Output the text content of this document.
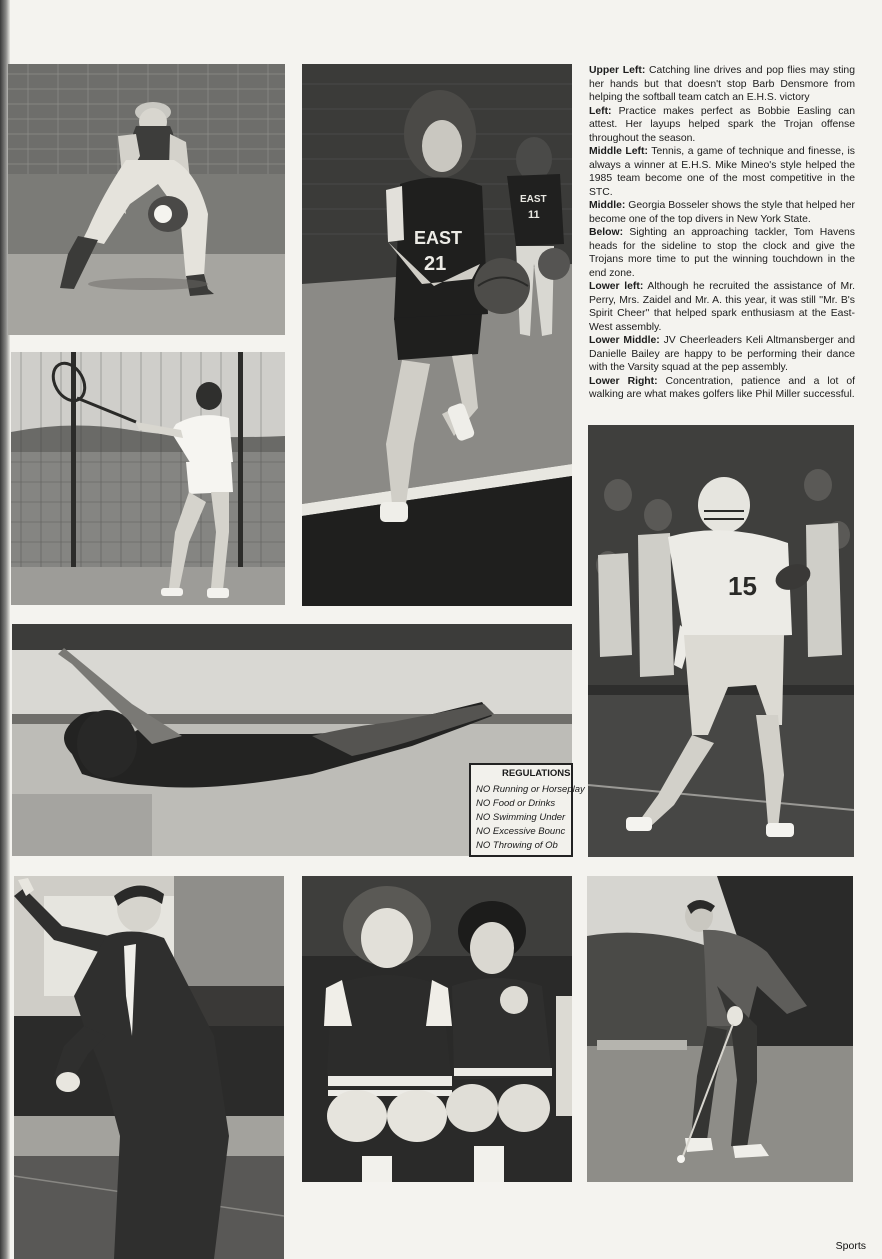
EAST
11
EAST
21
REGULATIONS
NO Running or Horseplay
NO Food or Drinks
NO Swimming Under
NO Excessive Bounc
NO Throwing of Ob
15

Upper Left: Catching line drives and pop flies may sting her hands but that doesn't stop Barb Densmore from helping the softball team catch an E.H.S. victory

Left: Practice makes perfect as Bobbie Easling can attest. Her layups helped spark the Trojan offense throughout the season.

Middle Left: Tennis, a game of technique and finesse, is always a winner at E.H.S. Mike Mineo's style helped the 1985 team become one of the most competitive in the STC.

Middle: Georgia Bosseler shows the style that helped her become one of the top divers in New York State.

Below: Sighting an approaching tackler, Tom Havens heads for the sideline to stop the clock and give the Trojans more time to put the winning touchdown in the end zone.

Lower left: Although he recruited the assistance of Mr. Perry, Mrs. Zaidel and Mr. A. this year, it was still ''Mr. B's Spirit Cheer'' that helped spark enthusiasm at the East-West assembly.

Lower Middle: JV Cheerleaders Keli Altmansberger and Danielle Bailey are happy to be performing their dance with the Varsity squad at the pep assembly.

Lower Right: Concentration, patience and a lot of walking are what makes golfers like Phil Miller successful.

Sports
